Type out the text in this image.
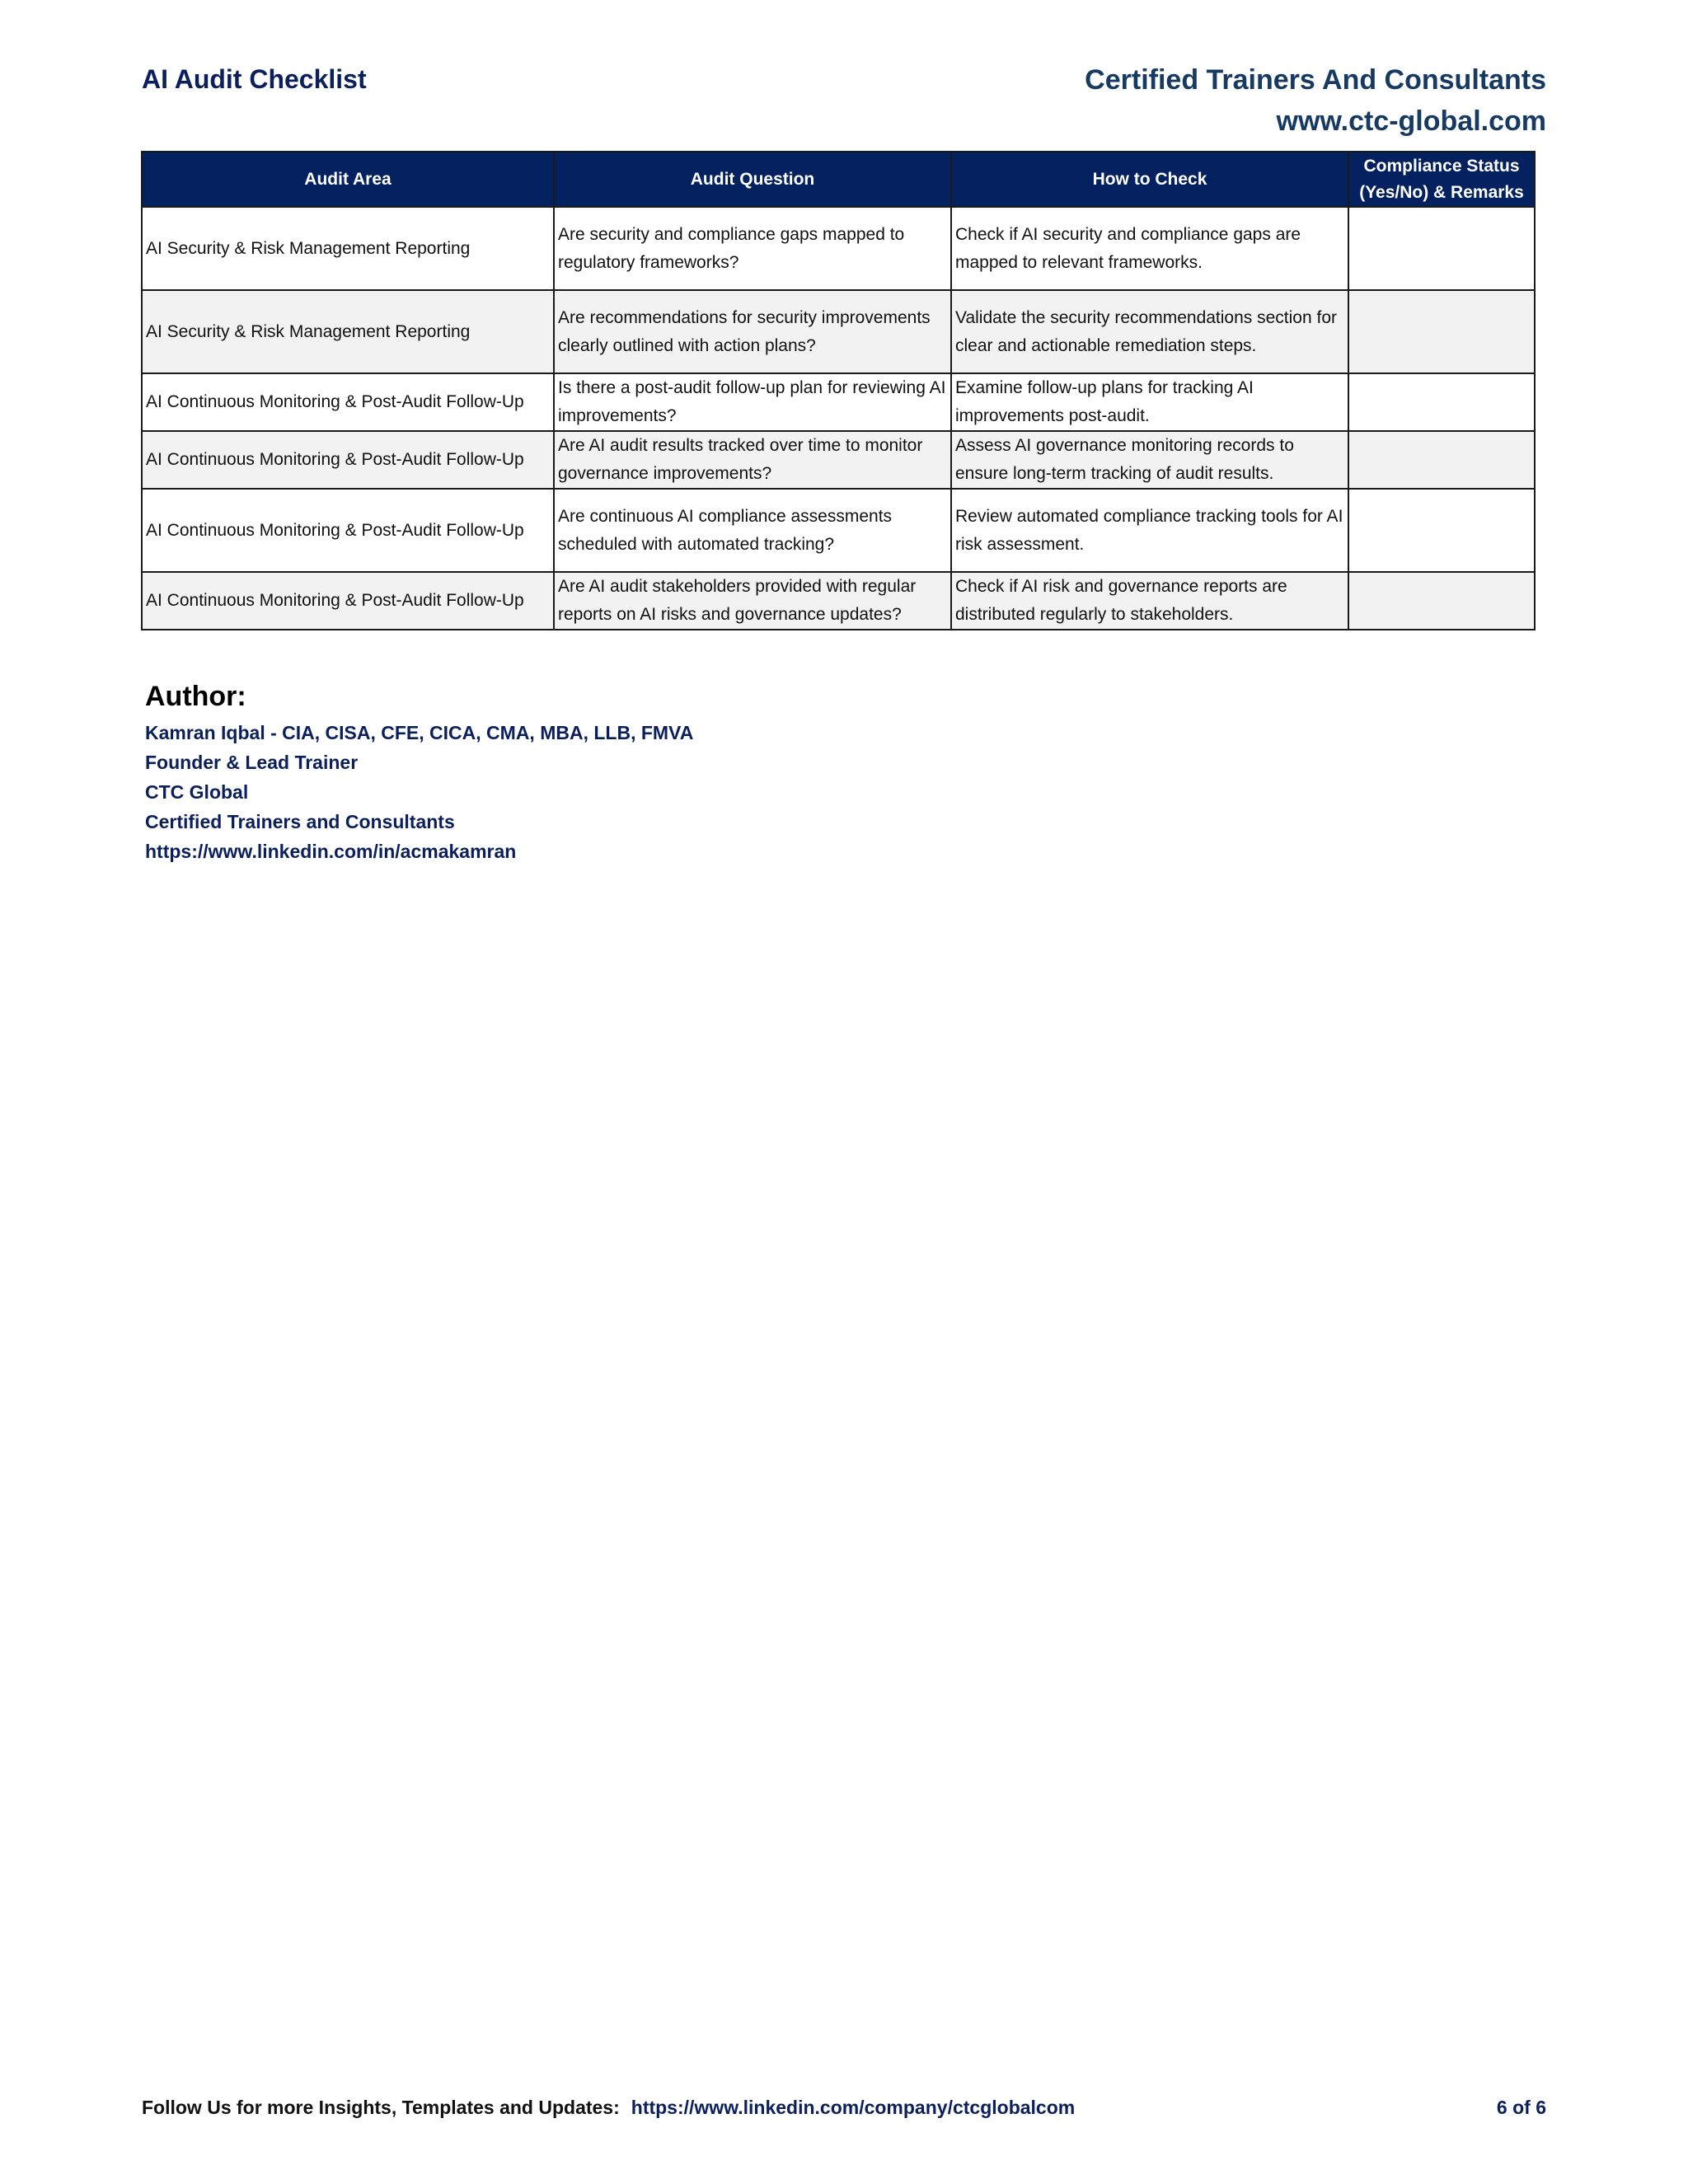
AI Audit Checklist	Certified Trainers And Consultants
www.ctc-global.com
Audit Area	Audit Question	How to Check	Compliance Status (Yes/No) & Remarks
AI Security & Risk Management Reporting	Are security and compliance gaps mapped to regulatory frameworks?	Check if AI security and compliance gaps are mapped to relevant frameworks.	
AI Security & Risk Management Reporting	Are recommendations for security improvements clearly outlined with action plans?	Validate the security recommendations section for clear and actionable remediation steps.	
AI Continuous Monitoring & Post-Audit Follow-Up	Is there a post-audit follow-up plan for reviewing AI improvements?	Examine follow-up plans for tracking AI improvements post-audit.	
AI Continuous Monitoring & Post-Audit Follow-Up	Are AI audit results tracked over time to monitor governance improvements?	Assess AI governance monitoring records to ensure long-term tracking of audit results.	
AI Continuous Monitoring & Post-Audit Follow-Up	Are continuous AI compliance assessments scheduled with automated tracking?	Review automated compliance tracking tools for AI risk assessment.	
AI Continuous Monitoring & Post-Audit Follow-Up	Are AI audit stakeholders provided with regular reports on AI risks and governance updates?	Check if AI risk and governance reports are distributed regularly to stakeholders.	
Author:
Kamran Iqbal - CIA, CISA, CFE, CICA, CMA, MBA, LLB, FMVA
Founder & Lead Trainer
CTC Global
Certified Trainers and Consultants
https://www.linkedin.com/in/acmakamran
Follow Us for more Insights, Templates and Updates: https://www.linkedin.com/company/ctcglobalcom	6 of 6
